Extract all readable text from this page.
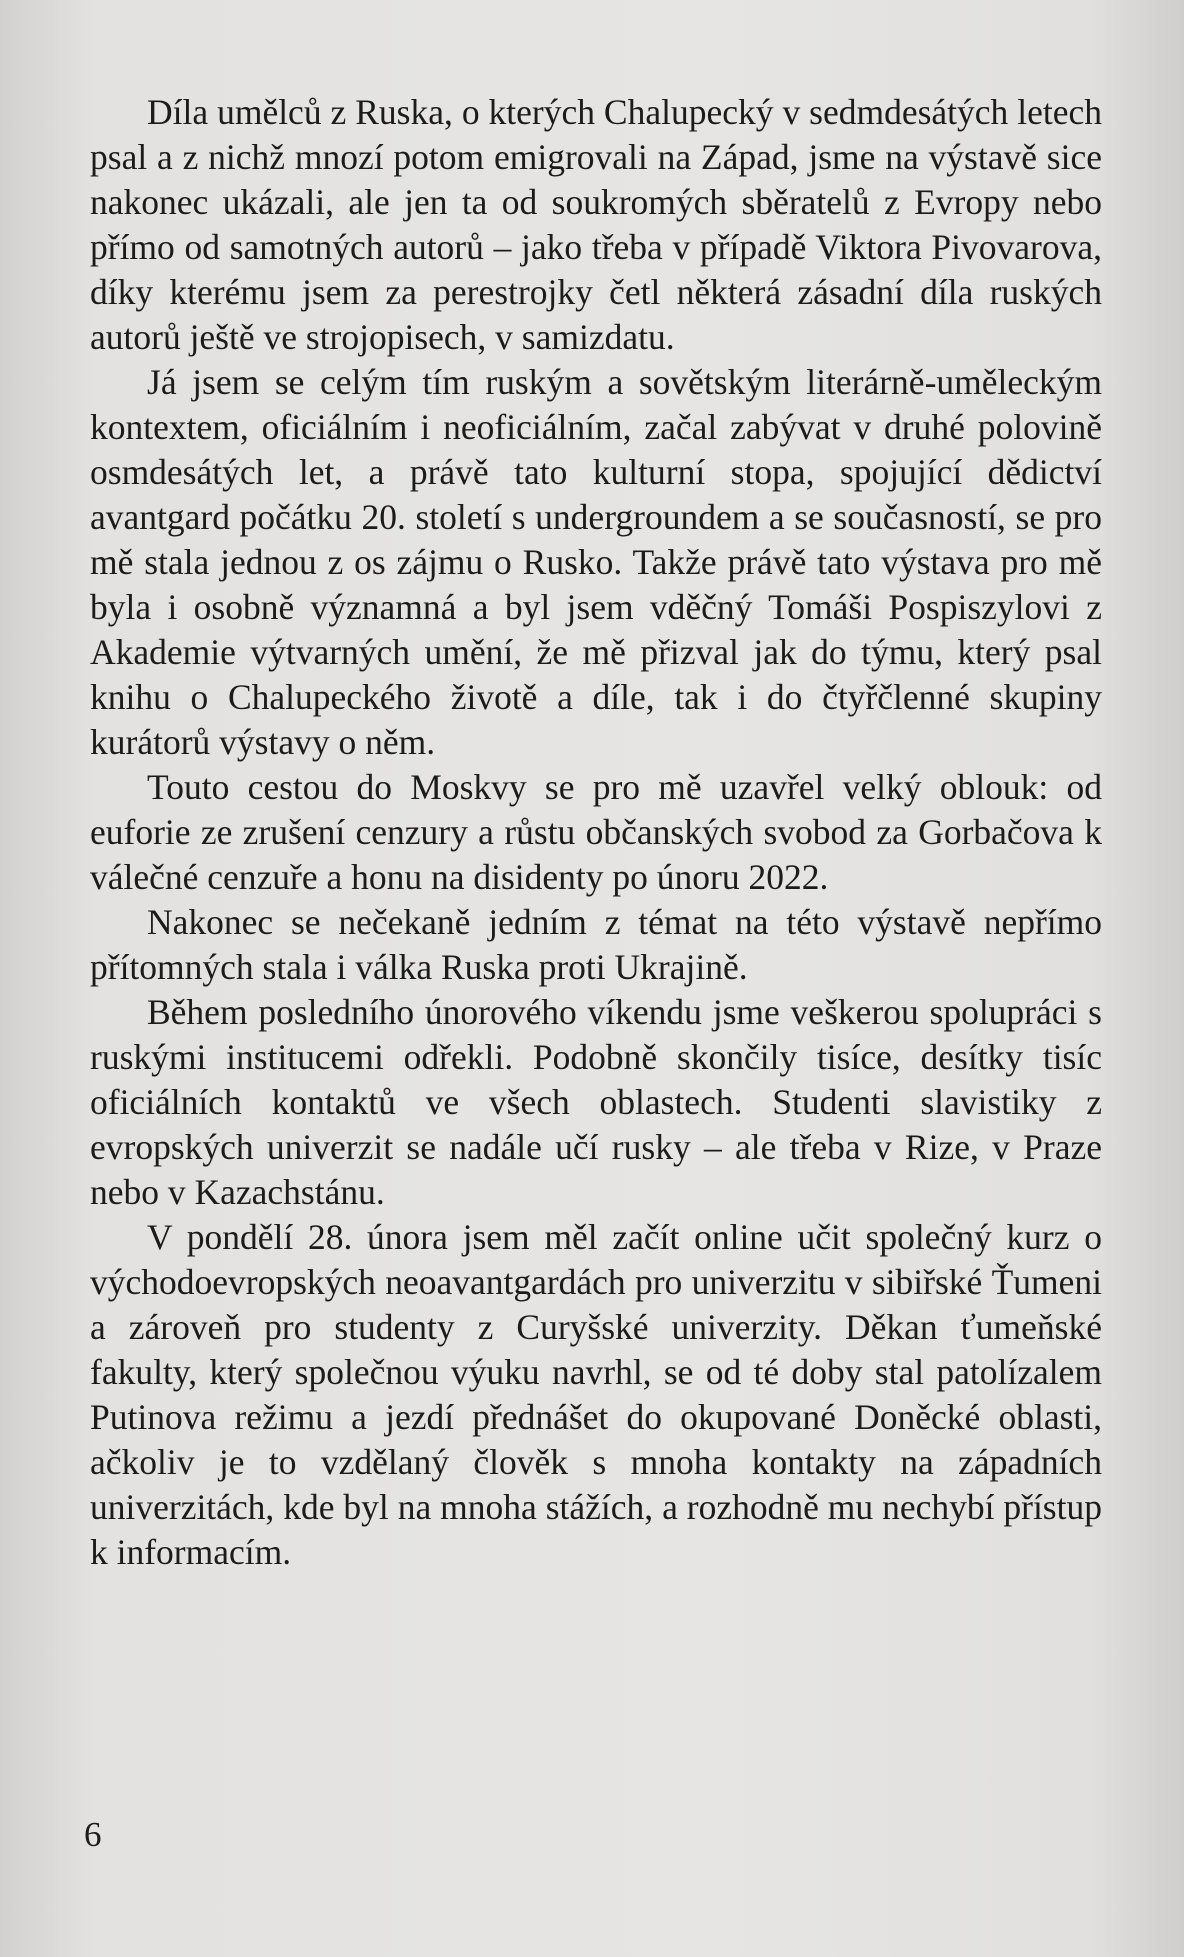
Díla umělců z Ruska, o kterých Chalupecký v sedmdesátých letech psal a z nichž mnozí potom emigrovali na Západ, jsme na výstavě sice nakonec ukázali, ale jen ta od soukromých sběratelů z Evropy nebo přímo od samotných autorů – jako třeba v případě Viktora Pivovarova, díky kterému jsem za perestrojky četl některá zásadní díla ruských autorů ještě ve strojopisech, v samizdatu.

Já jsem se celým tím ruským a sovětským literárně-uměleckým kontextem, oficiálním i neoficiálním, začal zabývat v druhé polovině osmdesátých let, a právě tato kulturní stopa, spojující dědictví avantgard počátku 20. století s undergroundem a se současností, se pro mě stala jednou z os zájmu o Rusko. Takže právě tato výstava pro mě byla i osobně významná a byl jsem vděčný Tomáši Pospiszylovi z Akademie výtvarných umění, že mě přizval jak do týmu, který psal knihu o Chalupeckého životě a díle, tak i do čtyřčlenné skupiny kurátorů výstavy o něm.

Touto cestou do Moskvy se pro mě uzavřel velký oblouk: od euforie ze zrušení cenzury a růstu občanských svobod za Gorbačova k válečné cenzuře a honu na disidenty po únoru 2022.

Nakonec se nečekaně jedním z témat na této výstavě nepřímo přítomných stala i válka Ruska proti Ukrajině.

Během posledního únorového víkendu jsme veškerou spolupráci s ruskými institucemi odřekli. Podobně skončily tisíce, desítky tisíc oficiálních kontaktů ve všech oblastech. Studenti slavistiky z evropských univerzit se nadále učí rusky – ale třeba v Rize, v Praze nebo v Kazachstánu.

V pondělí 28. února jsem měl začít online učit společný kurz o východoevropských neoavantgardách pro univerzitu v sibiřské Ťumeni a zároveň pro studenty z Curyšské univerzity. Děkan ťumeňské fakulty, který společnou výuku navrhl, se od té doby stal patolízalem Putinova režimu a jezdí přednášet do okupované Doněcké oblasti, ačkoliv je to vzdělaný člověk s mnoha kontakty na západních univerzitách, kde byl na mnoha stážích, a rozhodně mu nechybí přístup k informacím.

6
